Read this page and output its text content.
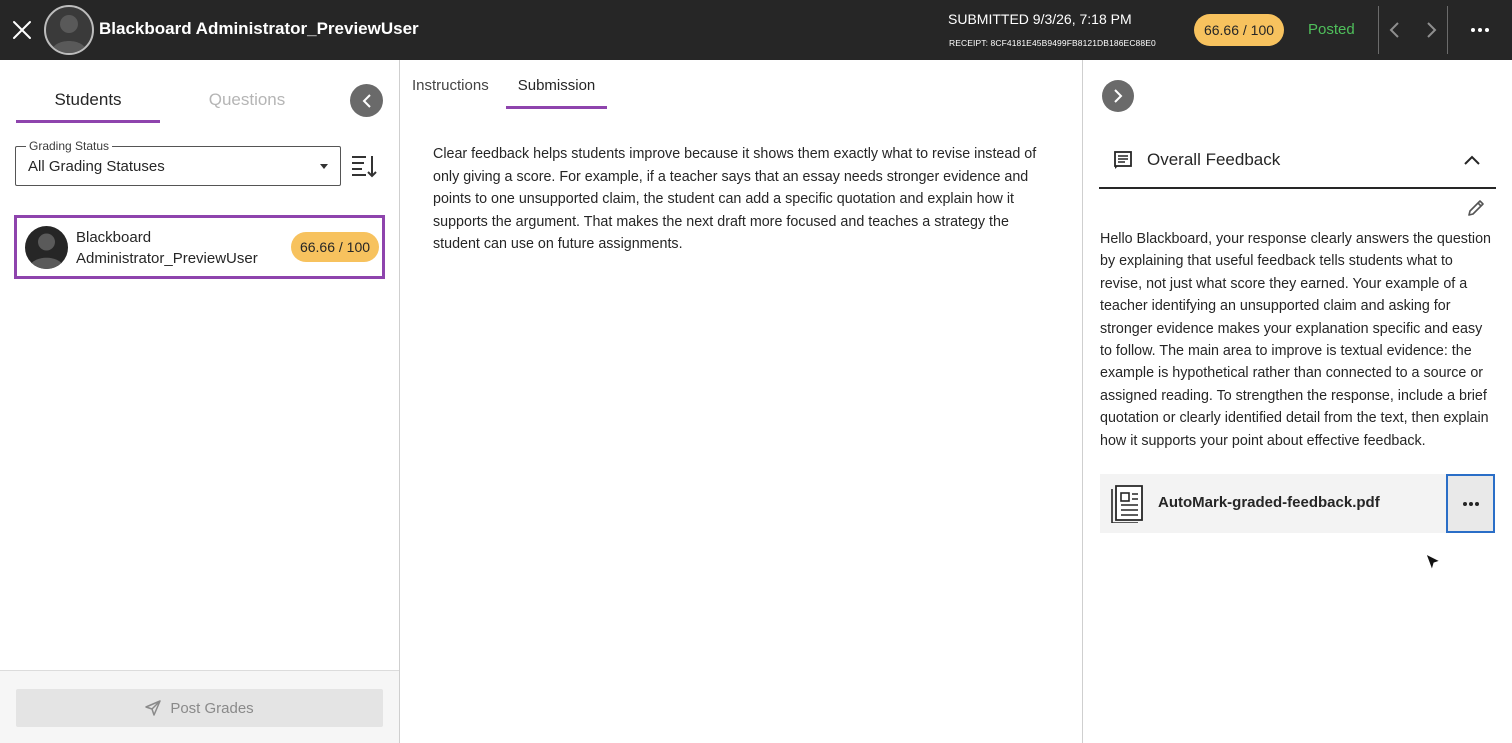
Blackboard Administrator_PreviewUser	SUBMITTED 9/3/26, 7:18 PM
RECEIPT: 8CF4181E45B9499FB8121DB186EC88E0
66.66 / 100	Posted
Students	Questions
Grading Status
All Grading Statuses
Blackboard Administrator_PreviewUser
66.66 / 100
Post Grades
Instructions	Submission
Clear feedback helps students improve because it shows them exactly what to revise instead of only giving a score. For example, if a teacher says that an essay needs stronger evidence and points to one unsupported claim, the student can add a specific quotation and explain how it supports the argument. That makes the next draft more focused and teaches a strategy the student can use on future assignments.
Overall Feedback
Hello Blackboard, your response clearly answers the question by explaining that useful feedback tells students what to revise, not just what score they earned. Your example of a teacher identifying an unsupported claim and asking for stronger evidence makes your explanation specific and easy to follow. The main area to improve is textual evidence: the example is hypothetical rather than connected to a source or assigned reading. To strengthen the response, include a brief quotation or clearly identified detail from the text, then explain how it supports your point about effective feedback.
AutoMark-graded-feedback.pdf
